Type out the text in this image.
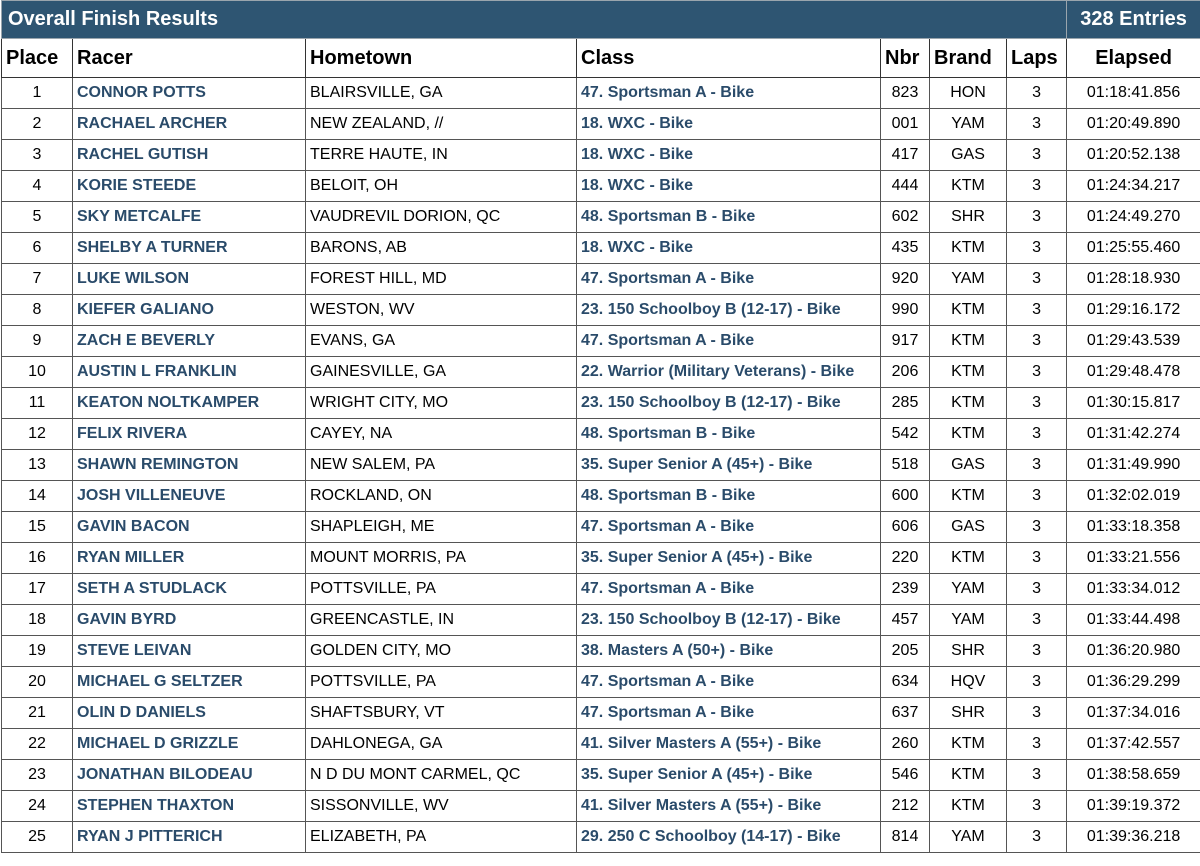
Overall Finish Results							328 Entries
Place	Racer	Hometown	Class	Nbr	Brand	Laps	Elapsed
1	CONNOR POTTS	BLAIRSVILLE, GA	47. Sportsman A - Bike	823	HON	3	01:18:41.856
2	RACHAEL ARCHER	NEW ZEALAND, //	18. WXC - Bike	001	YAM	3	01:20:49.890
3	RACHEL GUTISH	TERRE HAUTE, IN	18. WXC - Bike	417	GAS	3	01:20:52.138
4	KORIE STEEDE	BELOIT, OH	18. WXC - Bike	444	KTM	3	01:24:34.217
5	SKY METCALFE	VAUDREVIL DORION, QC	48. Sportsman B - Bike	602	SHR	3	01:24:49.270
6	SHELBY A TURNER	BARONS, AB	18. WXC - Bike	435	KTM	3	01:25:55.460
7	LUKE WILSON	FOREST HILL, MD	47. Sportsman A - Bike	920	YAM	3	01:28:18.930
8	KIEFER GALIANO	WESTON, WV	23. 150 Schoolboy B (12-17) - Bike	990	KTM	3	01:29:16.172
9	ZACH E BEVERLY	EVANS, GA	47. Sportsman A - Bike	917	KTM	3	01:29:43.539
10	AUSTIN L FRANKLIN	GAINESVILLE, GA	22. Warrior (Military Veterans) - Bike	206	KTM	3	01:29:48.478
11	KEATON NOLTKAMPER	WRIGHT CITY, MO	23. 150 Schoolboy B (12-17) - Bike	285	KTM	3	01:30:15.817
12	FELIX RIVERA	CAYEY, NA	48. Sportsman B - Bike	542	KTM	3	01:31:42.274
13	SHAWN REMINGTON	NEW SALEM, PA	35. Super Senior A (45+) - Bike	518	GAS	3	01:31:49.990
14	JOSH VILLENEUVE	ROCKLAND, ON	48. Sportsman B - Bike	600	KTM	3	01:32:02.019
15	GAVIN BACON	SHAPLEIGH, ME	47. Sportsman A - Bike	606	GAS	3	01:33:18.358
16	RYAN MILLER	MOUNT MORRIS, PA	35. Super Senior A (45+) - Bike	220	KTM	3	01:33:21.556
17	SETH A STUDLACK	POTTSVILLE, PA	47. Sportsman A - Bike	239	YAM	3	01:33:34.012
18	GAVIN BYRD	GREENCASTLE, IN	23. 150 Schoolboy B (12-17) - Bike	457	YAM	3	01:33:44.498
19	STEVE LEIVAN	GOLDEN CITY, MO	38. Masters A (50+) - Bike	205	SHR	3	01:36:20.980
20	MICHAEL G SELTZER	POTTSVILLE, PA	47. Sportsman A - Bike	634	HQV	3	01:36:29.299
21	OLIN D DANIELS	SHAFTSBURY, VT	47. Sportsman A - Bike	637	SHR	3	01:37:34.016
22	MICHAEL D GRIZZLE	DAHLONEGA, GA	41. Silver Masters A (55+) - Bike	260	KTM	3	01:37:42.557
23	JONATHAN BILODEAU	N D DU MONT CARMEL, QC	35. Super Senior A (45+) - Bike	546	KTM	3	01:38:58.659
24	STEPHEN THAXTON	SISSONVILLE, WV	41. Silver Masters A (55+) - Bike	212	KTM	3	01:39:19.372
25	RYAN J PITTERICH	ELIZABETH, PA	29. 250 C Schoolboy (14-17) - Bike	814	YAM	3	01:39:36.218
